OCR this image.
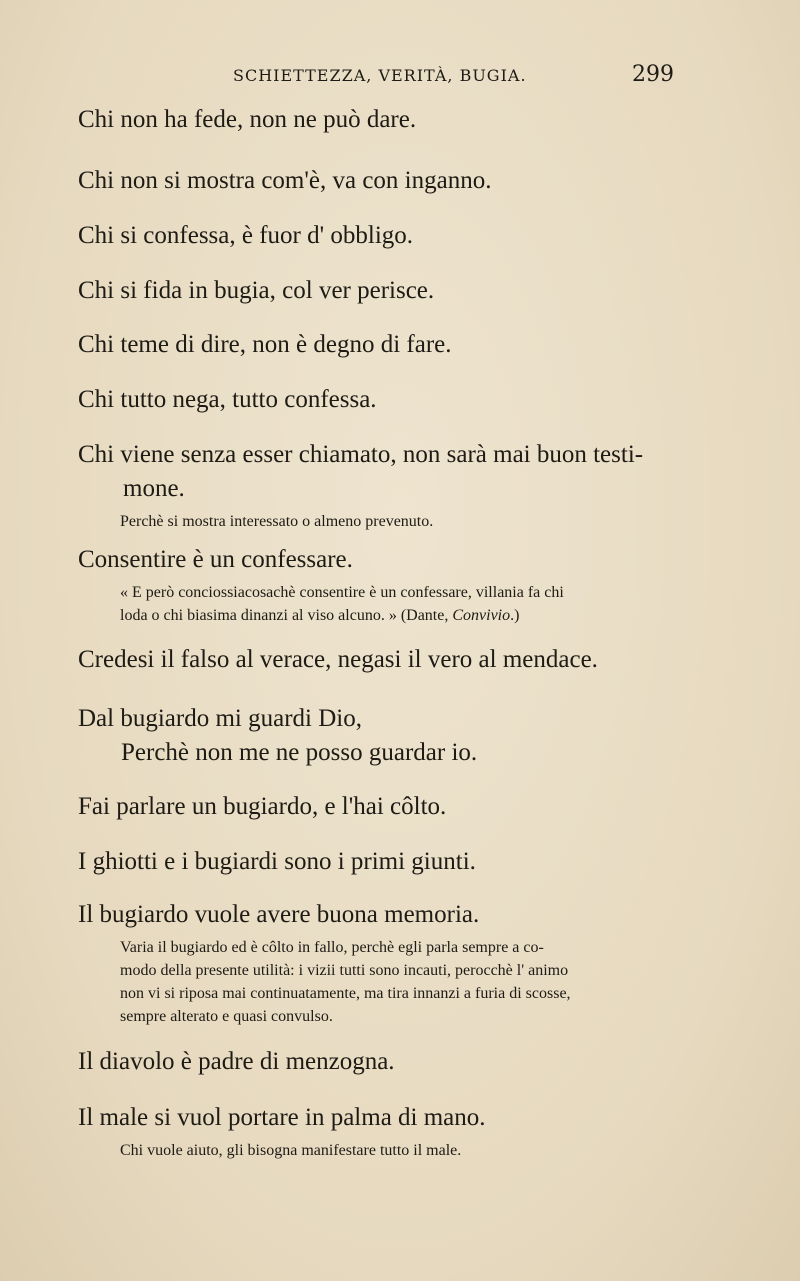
SCHIETTEZZA, VERITÀ, BUGIA.	299

Chi non ha fede, non ne può dare.

Chi non si mostra com'è, va con inganno.

Chi si confessa, è fuor d' obbligo.

Chi si fida in bugia, col ver perisce.

Chi teme di dire, non è degno di fare.

Chi tutto nega, tutto confessa.

Chi viene senza esser chiamato, non sarà mai buon testi-

mone.

Perchè si mostra interessato o almeno prevenuto.

Consentire è un confessare.

« E però conciossiacosachè consentire è un confessare, villania fa chi
loda o chi biasima dinanzi al viso alcuno. » (Dante, Convivio.)

Credesi il falso al verace, negasi il vero al mendace.

Dal bugiardo mi guardi Dio,

Perchè non me ne posso guardar io.

Fai parlare un bugiardo, e l'hai côlto.

I ghiotti e i bugiardi sono i primi giunti.

Il bugiardo vuole avere buona memoria.

Varia il bugiardo ed è côlto in fallo, perchè egli parla sempre a co-
modo della presente utilità: i vizii tutti sono incauti, perocchè l' animo
non vi si riposa mai continuatamente, ma tira innanzi a furia di scosse,
sempre alterato e quasi convulso.

Il diavolo è padre di menzogna.

Il male si vuol portare in palma di mano.

Chi vuole aiuto, gli bisogna manifestare tutto il male.
